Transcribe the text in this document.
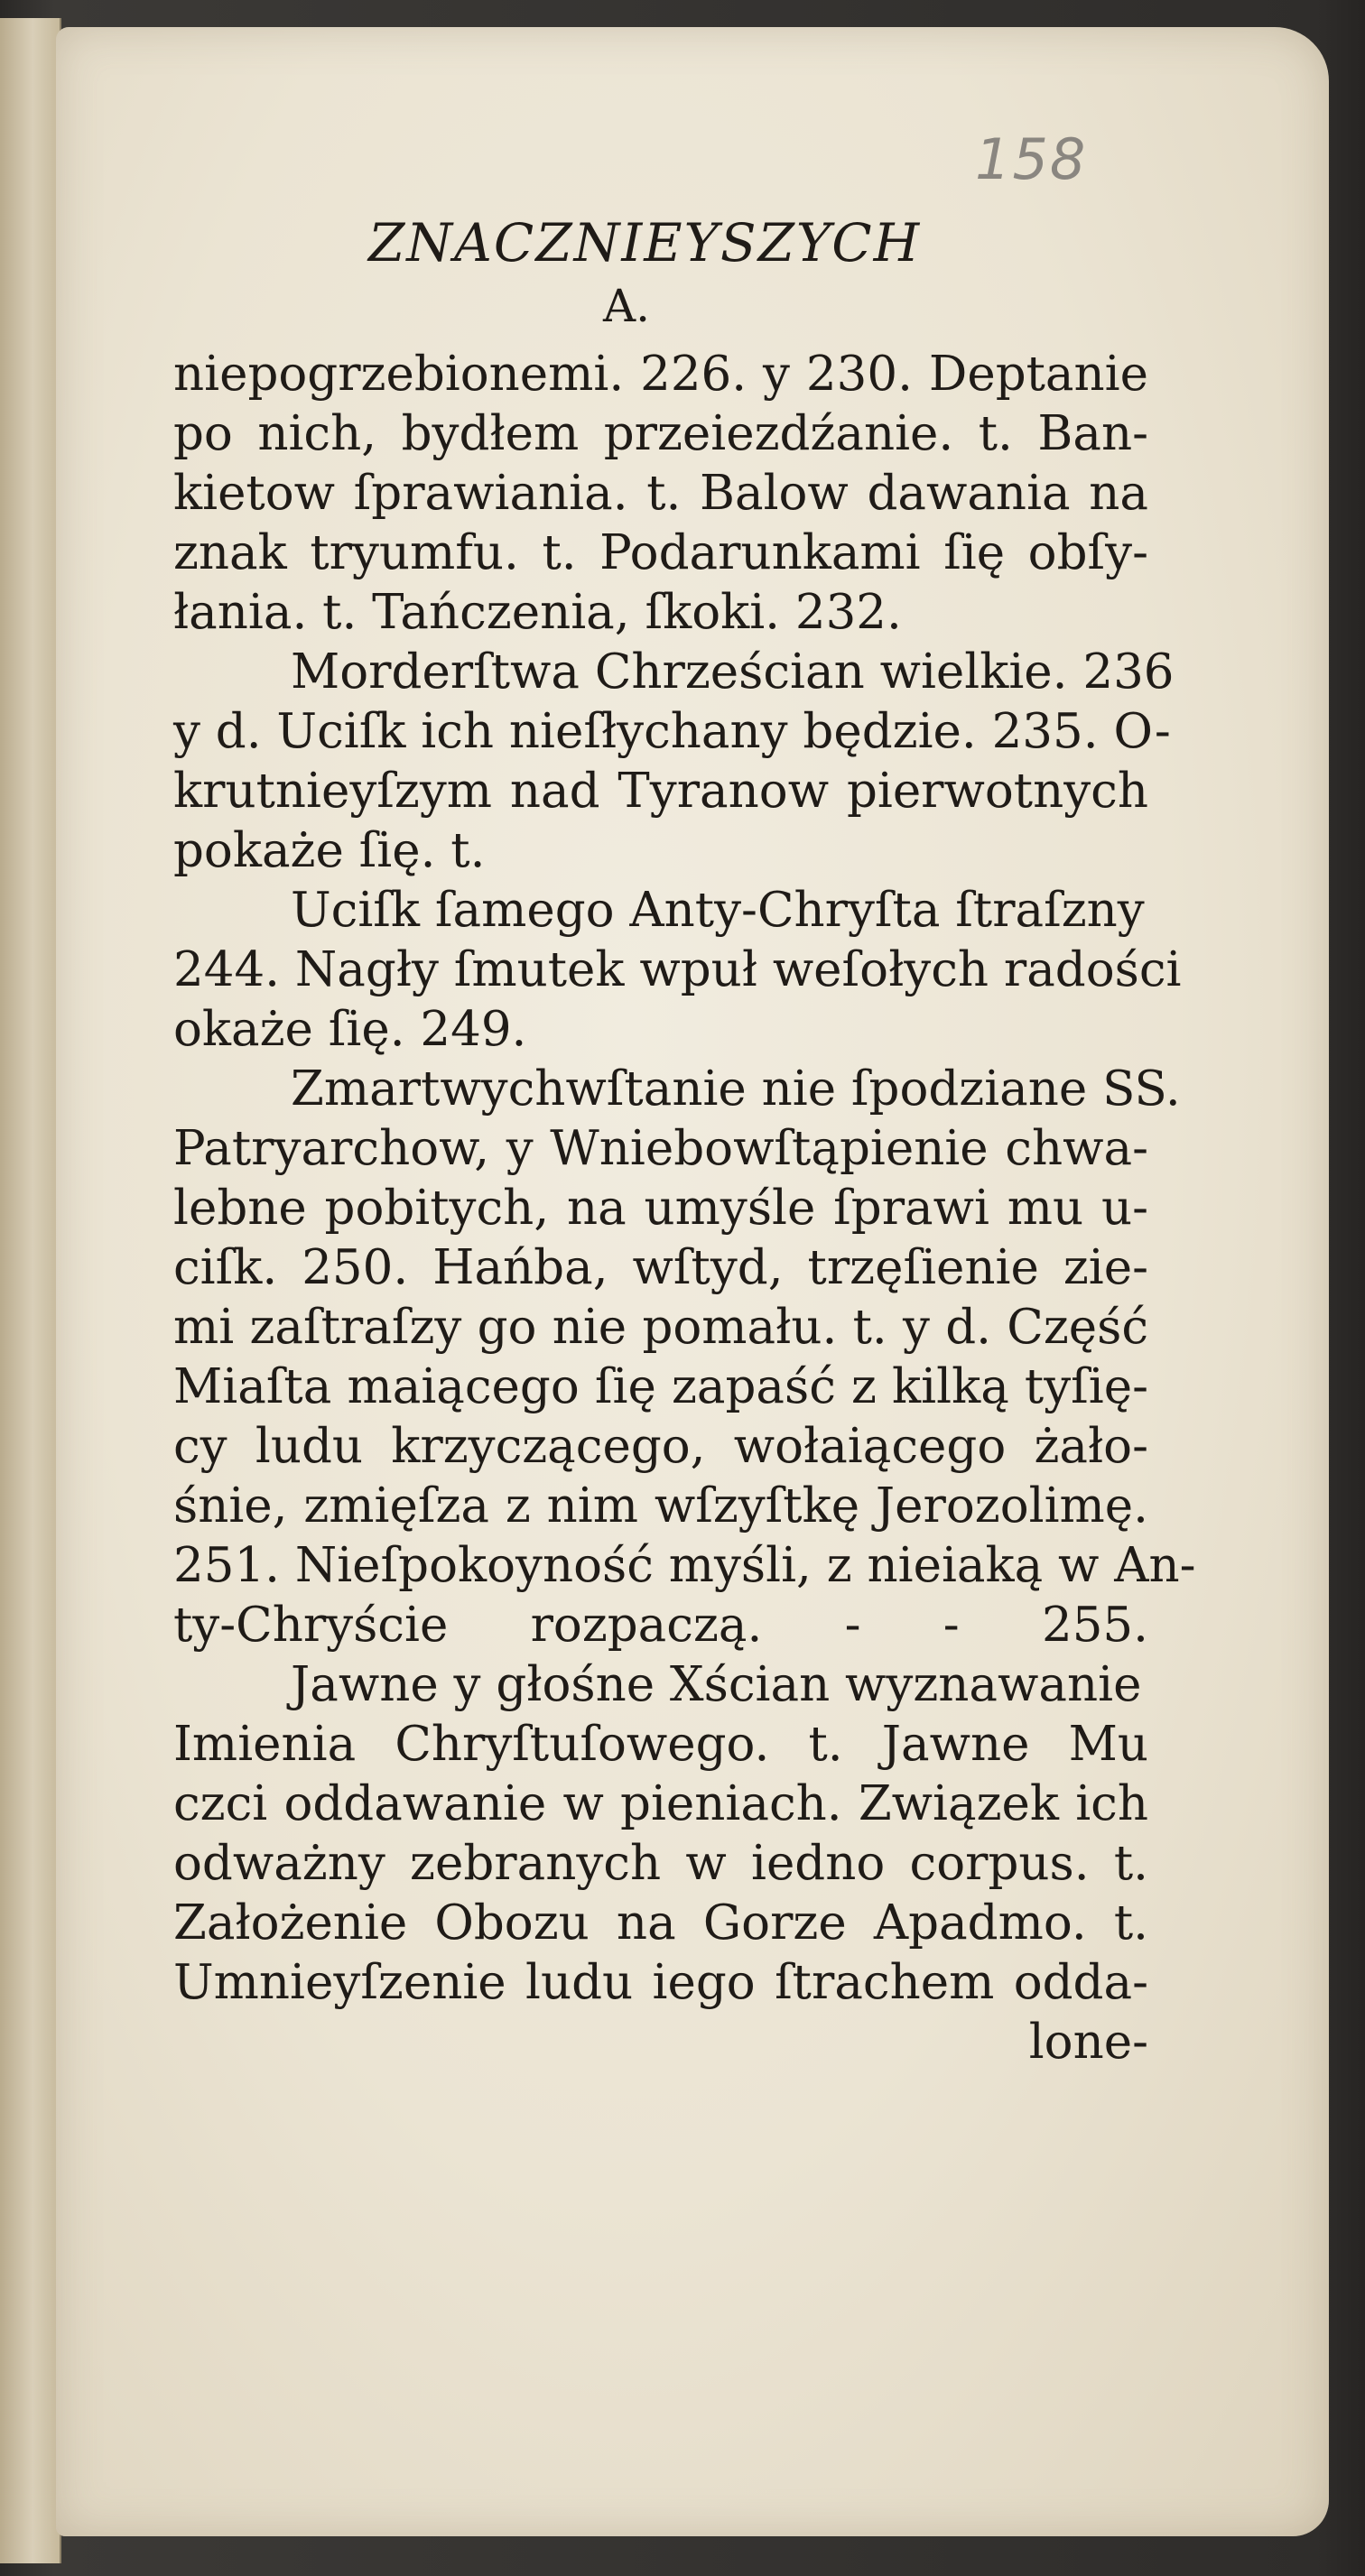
158
ZNACZNIEYSZYCH
A.
niepogrzebionemi. 226. y 230. Deptanie
po nich, bydłem przeiezdźanie. t. Ban-
kietow ſprawiania. t. Balow dawania na
znak tryumfu. t. Podarunkami ſię obſy-
łania. t. Tańczenia, ſkoki. 232.
Morderſtwa Chrześcian wielkie. 236
y d. Uciſk ich nieſłychany będzie. 235. O-
krutnieyſzym nad Tyranow pierwotnych
pokaże ſię. t.
Uciſk ſamego Anty-Chryſta ſtraſzny
244. Nagły ſmutek wpuł weſołych radości
okaże ſię. 249.
Zmartwychwſtanie nie ſpodziane SS.
Patryarchow, y Wniebowſtąpienie chwa-
lebne pobitych, na umyśle ſprawi mu u-
ciſk. 250. Hańba, wſtyd, trzęſienie zie-
mi zaſtraſzy go nie pomału. t. y d. Część
Miaſta maiącego ſię zapaść z kilką tyſię-
cy ludu krzyczącego, wołaiącego żało-
śnie, zmięſza z nim wſzyſtkę Jerozolimę.
251. Nieſpokoyność myśli, z nieiaką w An-
ty-Chryście rozpaczą. - - 255.
Jawne y głośne Xścian wyznawanie
Imienia Chryſtuſowego. t. Jawne Mu
czci oddawanie w pieniach. Związek ich
odważny zebranych w iedno corpus. t.
Założenie Obozu na Gorze Apadmo. t.
Umnieyſzenie ludu iego ſtrachem odda-
lone-
